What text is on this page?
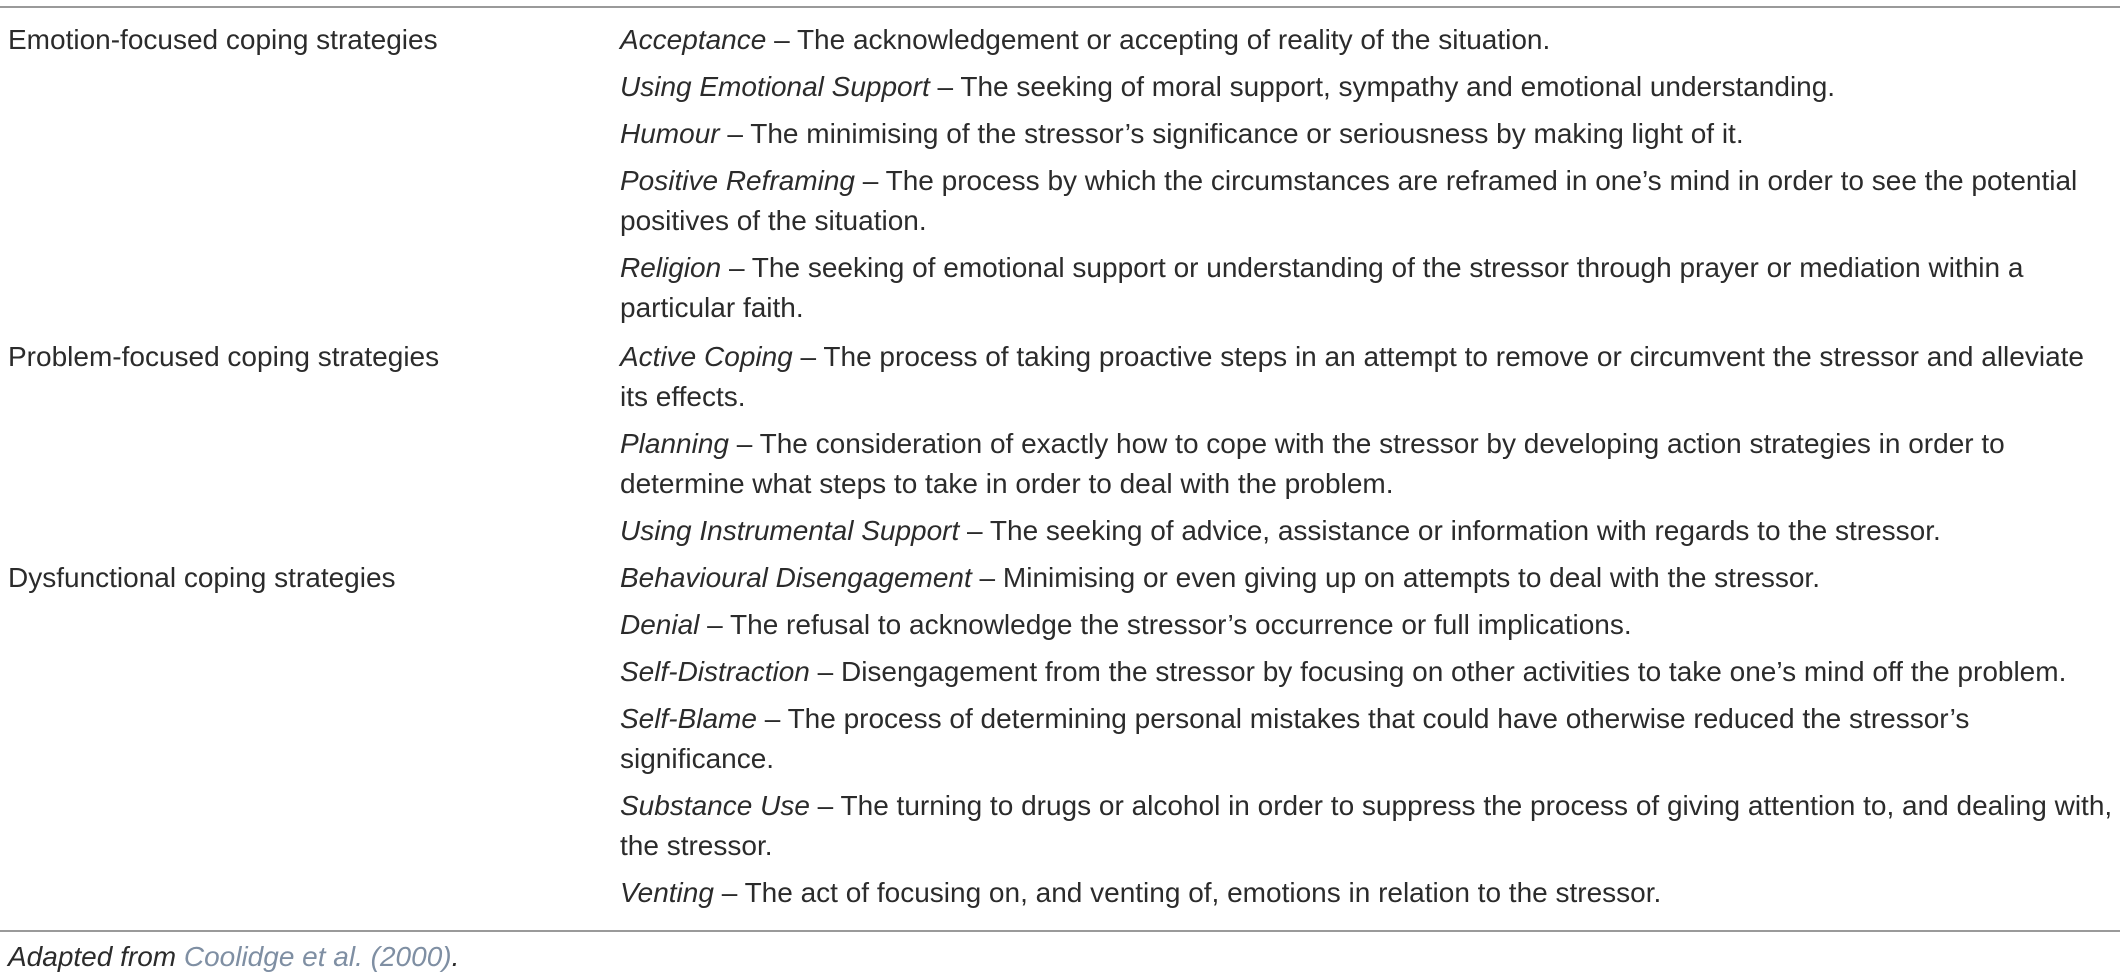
Emotion-focused coping strategies	Acceptance – The acknowledgement or accepting of reality of the situation.
Using Emotional Support – The seeking of moral support, sympathy and emotional understanding.
Humour – The minimising of the stressor’s significance or seriousness by making light of it.
Positive Reframing – The process by which the circumstances are reframed in one’s mind in order to see the potential positives of the situation.
Religion – The seeking of emotional support or understanding of the stressor through prayer or mediation within a particular faith.
Problem-focused coping strategies	Active Coping – The process of taking proactive steps in an attempt to remove or circumvent the stressor and alleviate its effects.
Planning – The consideration of exactly how to cope with the stressor by developing action strategies in order to determine what steps to take in order to deal with the problem.
Using Instrumental Support – The seeking of advice, assistance or information with regards to the stressor.
Dysfunctional coping strategies	Behavioural Disengagement – Minimising or even giving up on attempts to deal with the stressor.
Denial – The refusal to acknowledge the stressor’s occurrence or full implications.
Self-Distraction – Disengagement from the stressor by focusing on other activities to take one’s mind off the problem.
Self-Blame – The process of determining personal mistakes that could have otherwise reduced the stressor’s significance.
Substance Use – The turning to drugs or alcohol in order to suppress the process of giving attention to, and dealing with, the stressor.
Venting – The act of focusing on, and venting of, emotions in relation to the stressor.
Adapted from Coolidge et al. (2000).
